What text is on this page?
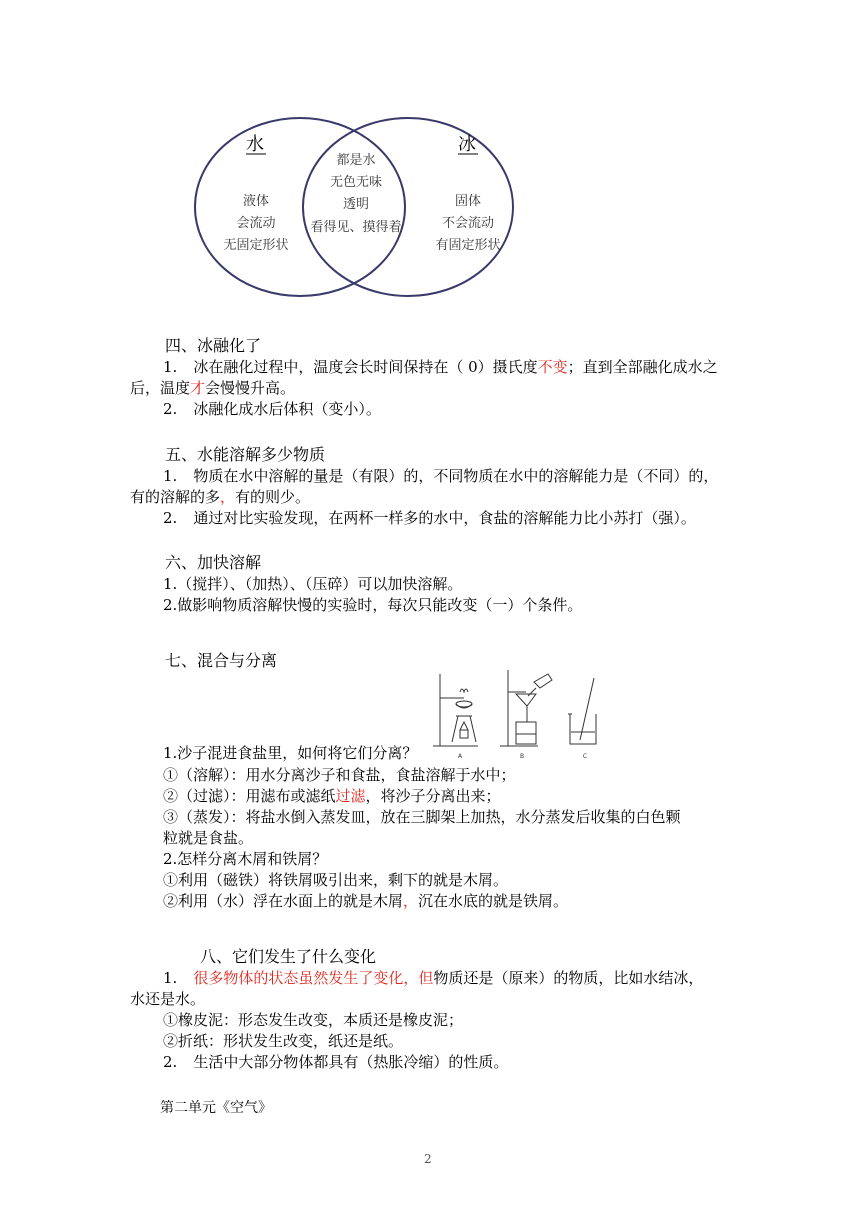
水	冰
液体
会流动
无固定形状
都是水
无色无味
透明
看得见、摸得着
固体
不会流动
有固定形状
四、冰融化了
1. 冰在融化过程中，温度会长时间保持在（ 0）摄氏度不变；直到全部融化成水之
后，温度才会慢慢升高。
2. 冰融化成水后体积（变小）。
五、水能溶解多少物质
1. 物质在水中溶解的量是（有限）的，不同物质在水中的溶解能力是（不同）的，
有的溶解的多，有的则少。
2. 通过对比实验发现，在两杯一样多的水中，食盐的溶解能力比小苏打（强）。
六、加快溶解
1.（搅拌）、（加热）、（压碎）可以加快溶解。
2.做影响物质溶解快慢的实验时，每次只能改变（一）个条件。
七、混合与分离
A	B	C
1.沙子混进食盐里，如何将它们分离？
①（溶解）：用水分离沙子和食盐，食盐溶解于水中；
②（过滤）：用滤布或滤纸过滤，将沙子分离出来；
③（蒸发）：将盐水倒入蒸发皿，放在三脚架上加热，水分蒸发后收集的白色颗
粒就是食盐。
2.怎样分离木屑和铁屑？
①利用（磁铁）将铁屑吸引出来，剩下的就是木屑。
②利用（水）浮在水面上的就是木屑，沉在水底的就是铁屑。
八、它们发生了什么变化
1. 很多物体的状态虽然发生了变化，但物质还是（原来）的物质，比如水结冰，
水还是水。
①橡皮泥：形态发生改变，本质还是橡皮泥；
②折纸：形状发生改变，纸还是纸。
2. 生活中大部分物体都具有（热胀冷缩）的性质。
第二单元《空气》
2
